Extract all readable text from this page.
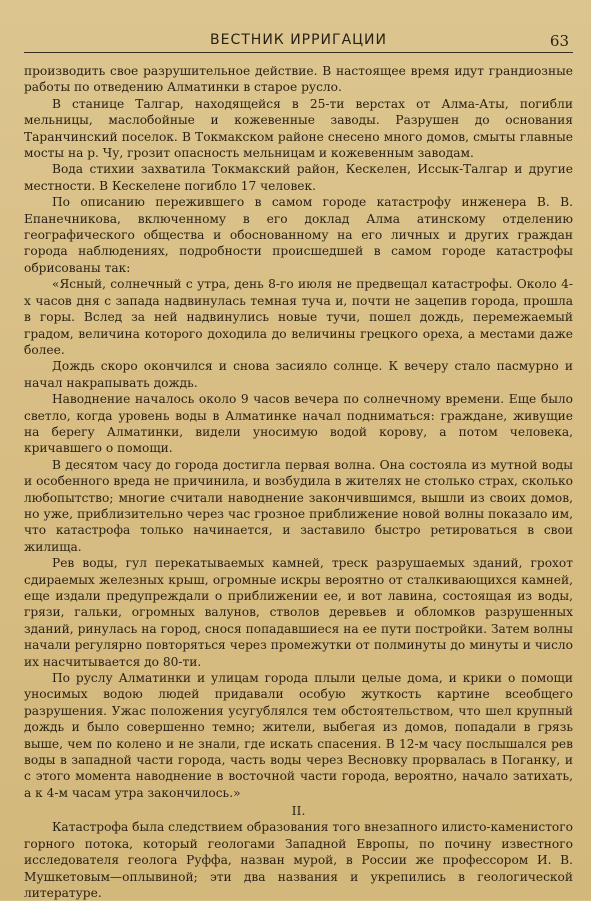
ВЕСТНИК ИРРИГАЦИИ	63

производить свое разрушительное действие. В настоящее время идут грандиозные работы по отведению Алматинки в старое русло.

В станице Талгар, находящейся в 25-ти верстах от Алма-Аты, погибли мельницы, маслобойные и кожевенные заводы. Разрушен до основания Таранчинский поселок. В Токмакском районе снесено много домов, смыты главные мосты на р. Чу, грозит опасность мельницам и кожевенным заводам.

Вода стихии захватила Токмакский район, Кескелен, Иссык-Талгар и другие местности. В Кескелене погибло 17 человек.

По описанию пережившего в самом городе катастрофу инженера В. В. Епанечникова, включенному в его доклад Алма атинскому отделению географического общества и обоснованному на его личных и других граждан города наблюдениях, подробности происшедшей в самом городе катастрофы обрисованы так:

«Ясный, солнечный с утра, день 8-го июля не предвещал катастрофы. Около 4-х часов дня с запада надвинулась темная туча и, почти не зацепив города, прошла в горы. Вслед за ней надвинулись новые тучи, пошел дождь, перемежаемый градом, величина которого доходила до величины грецкого ореха, а местами даже более.

Дождь скоро окончился и снова засияло солнце. К вечеру стало пасмурно и начал накрапывать дождь.

Наводнение началось около 9 часов вечера по солнечному времени. Еще было светло, когда уровень воды в Алматинке начал подниматься: граждане, живущие на берегу Алматинки, видели уносимую водой корову, а потом человека, кричавшего о помощи.

В десятом часу до города достигла первая волна. Она состояла из мутной воды и особенного вреда не причинила, и возбудила в жителях не столько страх, сколько любопытство; многие считали наводнение закончившимся, вышли из своих домов, но уже, приблизительно через час грозное приближение новой волны показало им, что катастрофа только начинается, и заставило быстро ретироваться в свои жилища.

Рев воды, гул перекатываемых камней, треск разрушаемых зданий, грохот сдираемых железных крыш, огромные искры вероятно от сталкивающихся камней, еще издали предупреждали о приближении ее, и вот лавина, состоящая из воды, грязи, гальки, огромных валунов, стволов деревьев и обломков разрушенных зданий, ринулась на город, снося попадавшиеся на ее пути постройки. Затем волны начали регулярно повторяться через промежутки от полминуты до минуты и число их насчитывается до 80-ти.

По руслу Алматинки и улицам города плыли целые дома, и крики о помощи уносимых водою людей придавали особую жуткость картине всеобщего разрушения. Ужас положения усугублялся тем обстоятельством, что шел крупный дождь и было совершенно темно; жители, выбегая из домов, попадали в грязь выше, чем по колено и не знали, где искать спасения. В 12-м часу послышался рев воды в западной части города, часть воды через Весновку прорвалась в Поганку, и с этого момента наводнение в восточной части города, вероятно, начало затихать, а к 4-м часам утра закончилось.»

II.

Катастрофа была следствием образования того внезапного илисто-каменистого горного потока, который геологами Западной Европы, по почину известного исследователя геолога Руффа, назван мурой, в России же профессором И. В. Мушкетовым—оплывиной; эти два названия и укрепились в геологической литературе.
